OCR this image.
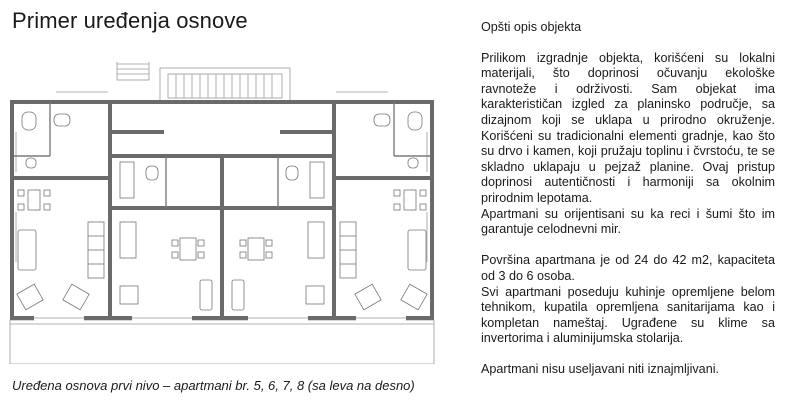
Primer uređenja osnove
Uređena osnova prvi nivo – apartmani br. 5, 6, 7, 8 (sa leva na desno)

Opšti opis objekta

Prilikom izgradnje objekta, korišćeni su lokalni materijali, što doprinosi očuvanju ekološke ravnoteže i održivosti. Sam objekat ima karakterističan izgled za planinsko područje, sa dizajnom koji se uklapa u prirodno okruženje. Korišćeni su tradicionalni elementi gradnje, kao što su drvo i kamen, koji pružaju toplinu i čvrstoću, te se skladno uklapaju u pejzaž planine. Ovaj pristup doprinosi autentičnosti i harmoniji sa okolnim prirodnim lepotama.

Apartmani su orijentisani su ka reci i šumi što im garantuje celodnevni mir.

Površina apartmana je od 24 do 42 m2, kapaciteta od 3 do 6 osoba.

Svi apartmani poseduju kuhinje opremljene belom tehnikom, kupatila opremljena sanitarijama kao i kompletan nameštaj. Ugrađene su klime sa invertorima i aluminijumska stolarija.

Apartmani nisu useljavani niti iznajmljivani.
